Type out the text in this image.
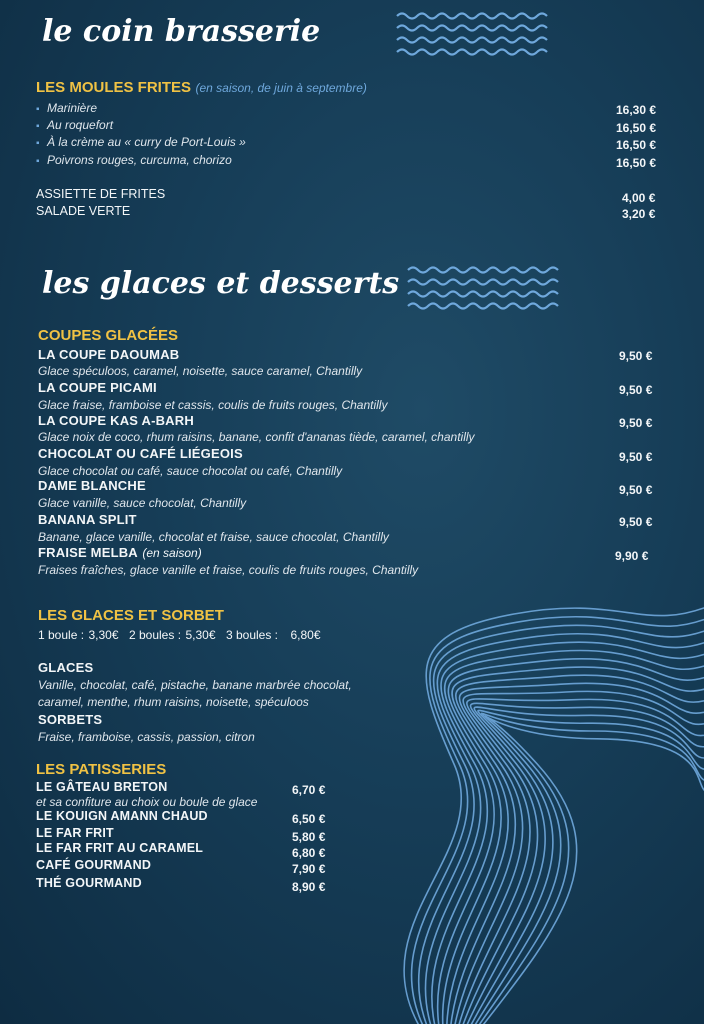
le coin brasserie
LES MOULES FRITES (en saison, de juin à septembre)
▪ Marinière	16,30 €
▪ Au roquefort	16,50 €
▪ À la crème au « curry de Port-Louis »	16,50 €
▪ Poivrons rouges, curcuma, chorizo	16,50 €
ASSIETTE DE FRITES	4,00 €
SALADE VERTE	3,20 €
les glaces et desserts
COUPES GLACÉES
LA COUPE DAOUMAB
Glace spéculoos, caramel, noisette, sauce caramel, Chantilly
9,50 €
LA COUPE PICAMI
Glace fraise, framboise et cassis, coulis de fruits rouges, Chantilly
9,50 €
LA COUPE KAS A-BARH
Glace noix de coco, rhum raisins, banane, confit d'ananas tiède, caramel, chantilly
9,50 €
CHOCOLAT OU CAFÉ LIÉGEOIS
Glace chocolat ou café, sauce chocolat ou café, Chantilly
9,50 €
DAME BLANCHE
Glace vanille, sauce chocolat, Chantilly
9,50 €
BANANA SPLIT
Banane, glace vanille, chocolat et fraise, sauce chocolat, Chantilly
9,50 €
FRAISE MELBA (en saison)
Fraises fraîches, glace vanille et fraise, coulis de fruits rouges, Chantilly
9,90 €
LES GLACES ET SORBET
1 boule : 3,30€ 2 boules : 5,30€ 3 boules : 6,80€
GLACES
Vanille, chocolat, café, pistache, banane marbrée chocolat,
caramel, menthe, rhum raisins, noisette, spéculoos
SORBETS
Fraise, framboise, cassis, passion, citron
LES PATISSERIES
LE GÂTEAU BRETON	6,70 €
et sa confiture au choix ou boule de glace
LE KOUIGN AMANN CHAUD	6,50 €
LE FAR FRIT	5,80 €
LE FAR FRIT AU CARAMEL	6,80 €
CAFÉ GOURMAND	7,90 €
THÉ GOURMAND	8,90 €
